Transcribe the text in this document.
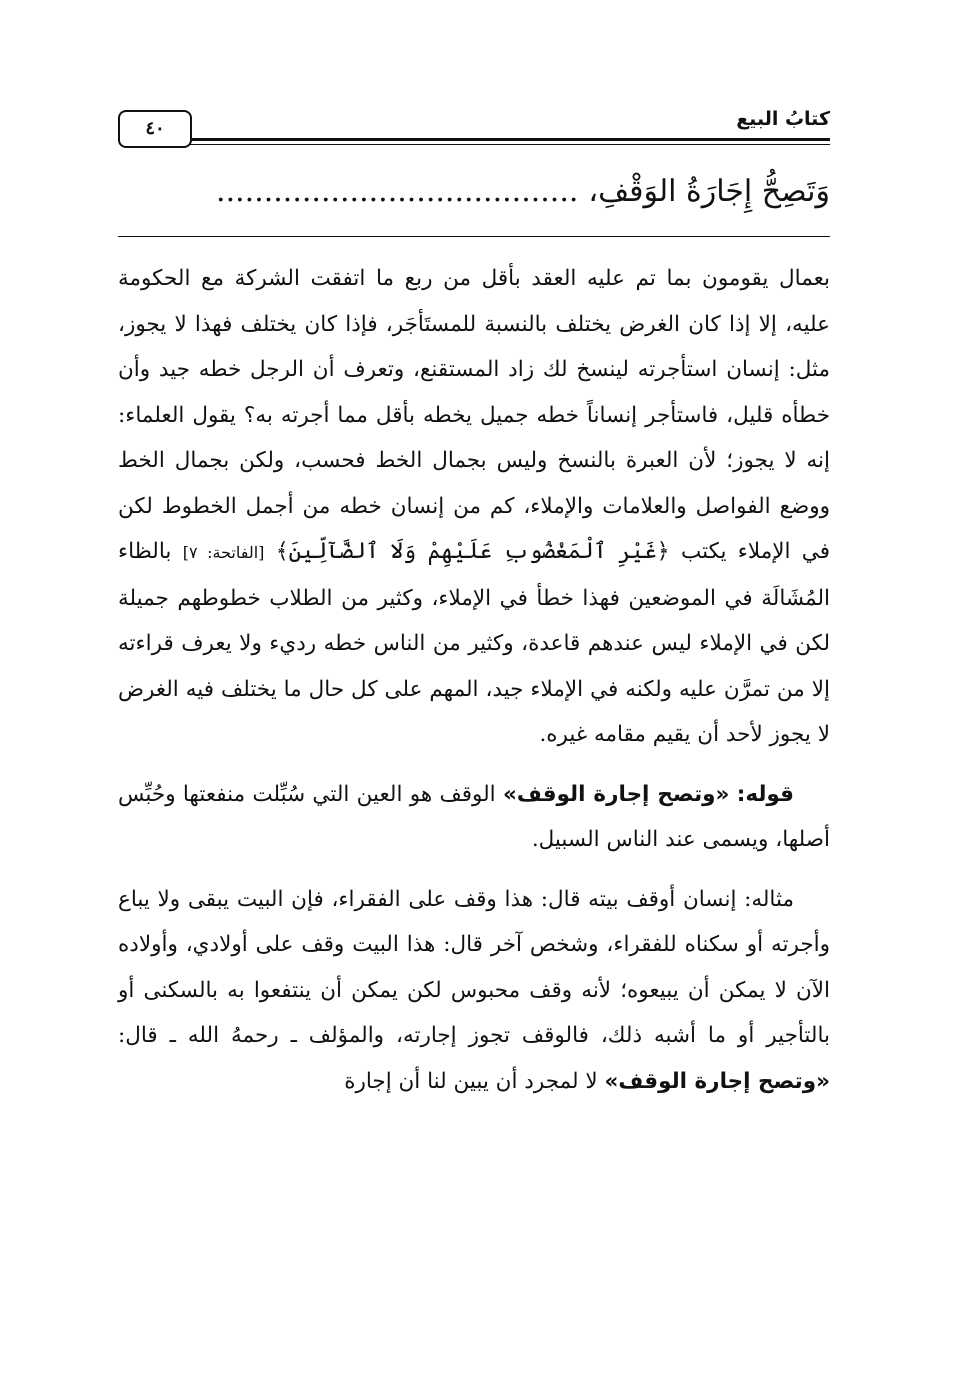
٤٠	كتابُ البيع
وَتَصِحُّ إِجَارَةُ الوَقْفِ،......................................

بعمال يقومون بما تم عليه العقد بأقل من ربع ما اتفقت الشركة مع الحكومة عليه، إلا إذا كان الغرض يختلف بالنسبة للمستَأجَر، فإذا كان يختلف فهذا لا يجوز، مثل: إنسان استأجرته لينسخ لك زاد المستقنع، وتعرف أن الرجل خطه جيد وأن خطأه قليل، فاستأجر إنساناً خطه جميل يخطه بأقل مما أجرته به؟ يقول العلماء: إنه لا يجوز؛ لأن العبرة بالنسخ وليس بجمال الخط فحسب، ولكن بجمال الخط ووضع الفواصل والعلامات والإملاء، كم من إنسان خطه من أجمل الخطوط لكن في الإملاء يكتب ﴿غَيْرِ ٱلْمَغْضُوبِ عَلَيْهِمْ وَلَا ٱلضَّآلِّينَ﴾ [الفاتحة: ٧] بالظاء المُشَالَة في الموضعين فهذا خطأ في الإملاء، وكثير من الطلاب خطوطهم جميلة لكن في الإملاء ليس عندهم قاعدة، وكثير من الناس خطه رديء ولا يعرف قراءته إلا من تمرَّن عليه ولكنه في الإملاء جيد، المهم على كل حال ما يختلف فيه الغرض لا يجوز لأحد أن يقيم مقامه غيره.

قوله: «وتصح إجارة الوقف» الوقف هو العين التي سُبِّلت منفعتها وحُبِّس أصلها، ويسمى عند الناس السبيل.

مثاله: إنسان أوقف بيته قال: هذا وقف على الفقراء، فإن البيت يبقى ولا يباع وأجرته أو سكناه للفقراء، وشخص آخر قال: هذا البيت وقف على أولادي، وأولاده الآن لا يمكن أن يبيعوه؛ لأنه وقف محبوس لكن يمكن أن ينتفعوا به بالسكنى أو بالتأجير أو ما أشبه ذلك، فالوقف تجوز إجارته، والمؤلف ـ رحمهُ الله ـ قال: «وتصح إجارة الوقف» لا لمجرد أن يبين لنا أن إجارة
